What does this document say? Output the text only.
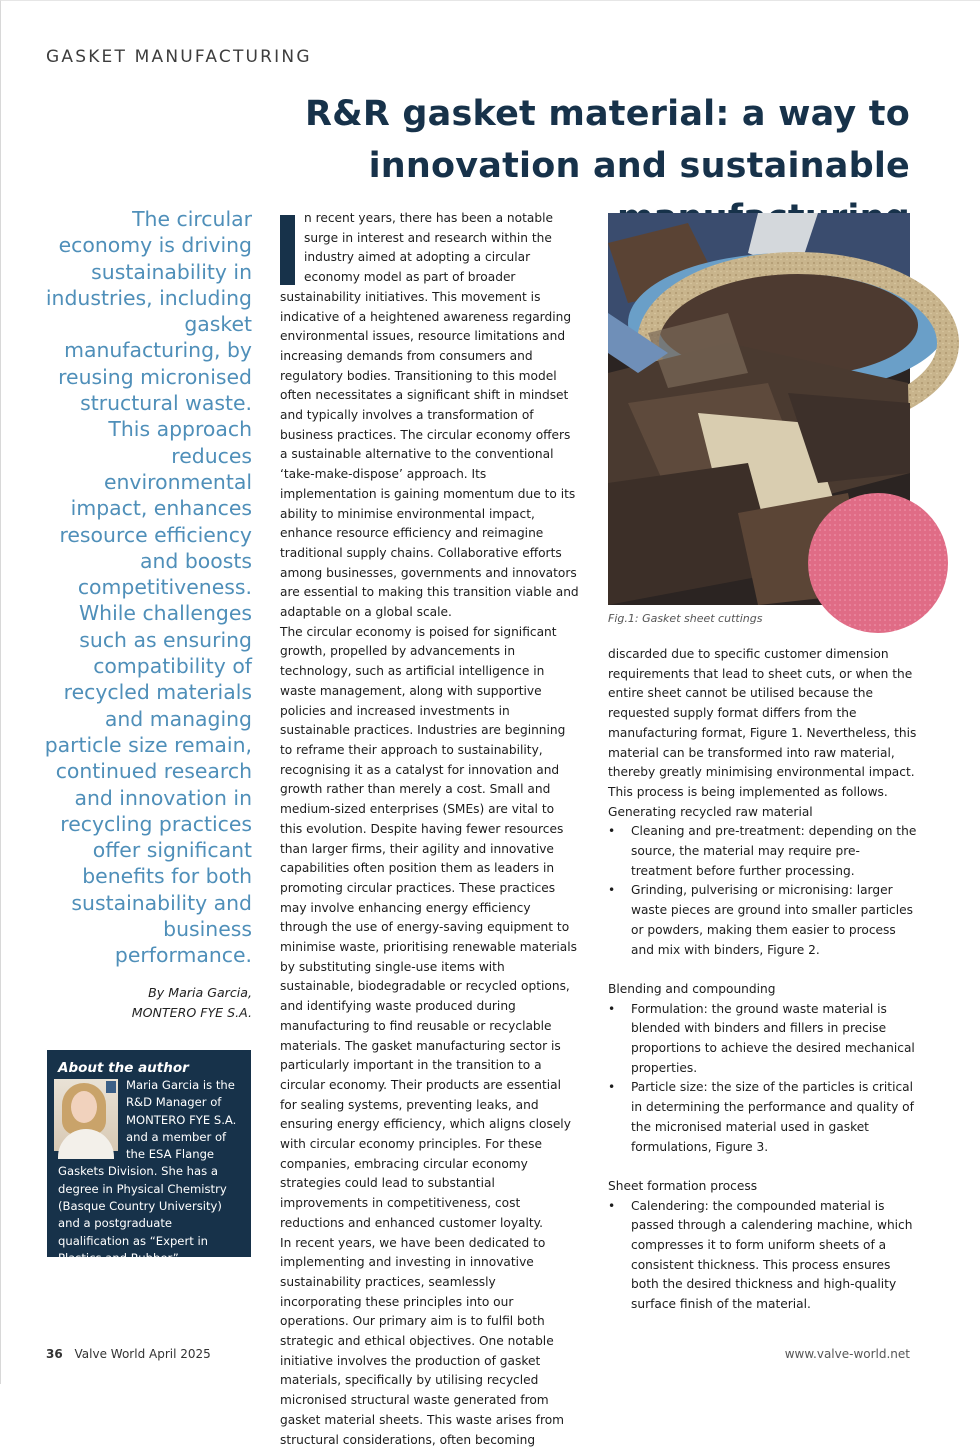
GASKET MANUFACTURING
R&R gasket material: a way to innovation and sustainable
The circular economy is driving sustainability in industries, including gasket manufacturing, by reusing micronised structural waste. This approach reduces environmental impact, enhances resource efficiency and boosts competitiveness. While challenges such as ensuring compatibility of recycled materials and managing particle size remain, continued research and innovation in recycling practices offer significant benefits for both sustainability and business performance.
By Maria Garcia,
MONTERO FYE S.A.
About the author
Maria Garcia is the R&D Manager of MONTERO FYE S.A. and a member of the ESA Flange Gaskets Division. She has a degree in Physical Chemistry (Basque Country University) and a postgraduate qualification as “Expert in Plastics and Rubber”.

n recent years, there has been a notable surge in interest and research within the industry aimed at adopting a circular economy model as part of broader sustainability initiatives. This movement is indicative of a heightened awareness regarding environmental issues, resource limitations and increasing demands from consumers and regulatory bodies. Transitioning to this model often necessitates a significant shift in mindset and typically involves a transformation of business practices. The circular economy offers a sustainable alternative to the conventional ‘take-make-dispose’ approach. Its implementation is gaining momentum due to its ability to minimise environmental impact, enhance resource efficiency and reimagine traditional supply chains. Collaborative efforts among businesses, governments and innovators are essential to making this transition viable and adaptable on a global scale.

The circular economy is poised for significant growth, propelled by advancements in technology, such as artificial intelligence in waste management, along with supportive policies and increased investments in sustainable practices. Industries are beginning to reframe their approach to sustainability, recognising it as a catalyst for innovation and growth rather than merely a cost. Small and medium-sized enterprises (SMEs) are vital to this evolution. Despite having fewer resources than larger firms, their agility and innovative capabilities often position them as leaders in promoting circular practices. These practices may involve enhancing energy efficiency through the use of energy-saving equipment to minimise waste, prioritising renewable materials by substituting single-use items with sustainable, biodegradable or recycled options, and identifying waste produced during manufacturing to find reusable or recyclable materials. The gasket manufacturing sector is particularly important in the transition to a circular economy. Their products are essential for sealing systems, preventing leaks, and ensuring energy efficiency, which aligns closely with circular economy principles. For these companies, embracing circular economy strategies could lead to substantial improvements in competitiveness, cost reductions and enhanced customer loyalty.

In recent years, we have been dedicated to implementing and investing in innovative sustainability practices, seamlessly incorporating these principles into our operations. Our primary aim is to fulfil both strategic and ethical objectives. One notable initiative involves the production of gasket materials, specifically by utilising recycled micronised structural waste generated from gasket material sheets. This waste arises from structural considerations, often becoming

Fig.1: Gasket sheet cuttings

discarded due to specific customer dimension requirements that lead to sheet cuts, or when the entire sheet cannot be utilised because the requested supply format differs from the manufacturing format, Figure 1. Nevertheless, this material can be transformed into raw material, thereby greatly minimising environmental impact.

This process is being implemented as follows.

Generating recycled raw material

• Cleaning and pre-treatment: depending on the source, the material may require pre-treatment before further processing.
• Grinding, pulverising or micronising: larger waste pieces are ground into smaller particles or powders, making them easier to process and mix with binders, Figure 2.

Blending and compounding

• Formulation: the ground waste material is blended with binders and fillers in precise proportions to achieve the desired mechanical properties.
• Particle size: the size of the particles is critical in determining the performance and quality of the micronised material used in gasket formulations, Figure 3.

Sheet formation process

• Calendering: the compounded material is passed through a calendering machine, which compresses it to form uniform sheets of a consistent thickness. This process ensures both the desired thickness and high-quality surface finish of the material.
36 Valve World April 2025	www.valve-world.net
